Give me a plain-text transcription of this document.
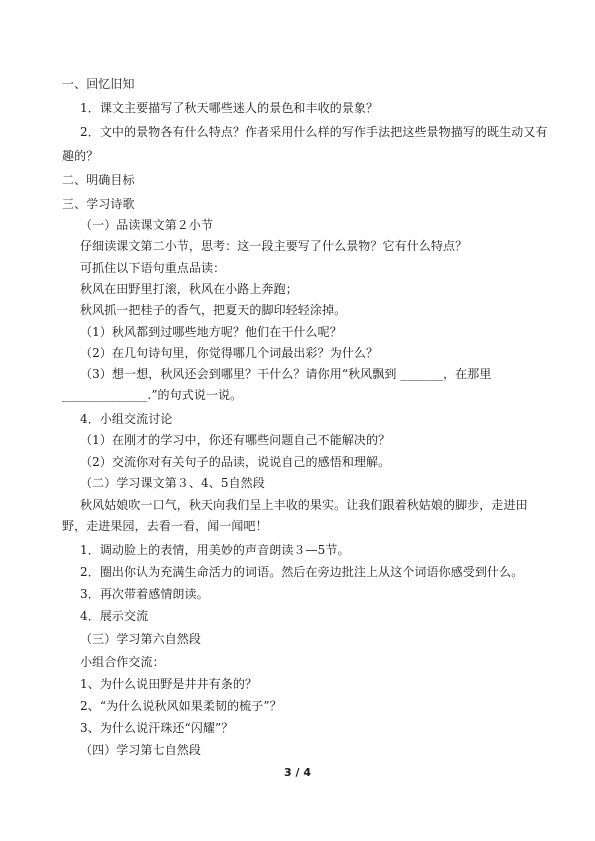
一、回忆旧知
1．课文主要描写了秋天哪些迷人的景色和丰收的景象？
2．文中的景物各有什么特点？作者采用什么样的写作手法把这些景物描写的既生动又有
趣的？
二、明确目标
三、学习诗歌
（一）品读课文第２小节
仔细读课文第二小节，思考：这一段主要写了什么景物？它有什么特点？
可抓住以下语句重点品读：
秋风在田野里打滚，秋风在小路上奔跑；
秋风抓一把桂子的香气，把夏天的脚印轻轻涂掉。
（1）秋风都到过哪些地方呢？他们在干什么呢？
（2）在几句诗句里，你觉得哪几个词最出彩？为什么？
（3）想一想，秋风还会到哪里？干什么？请你用“秋风飘到 _______，在那里
______________.”的句式说一说。
4．小组交流讨论
（1）在刚才的学习中，你还有哪些问题自己不能解决的？
（2）交流你对有关句子的品读，说说自己的感悟和理解。
（二）学习课文第３、4、5自然段
秋风姑娘吹一口气，秋天向我们呈上丰收的果实。让我们跟着秋姑娘的脚步，走进田
野，走进果园，去看一看，闻一闻吧！
1．调动脸上的表情，用美妙的声音朗读３—5节。
2．圈出你认为充满生命活力的词语。然后在旁边批注上从这个词语你感受到什么。
3．再次带着感情朗读。
4．展示交流
（三）学习第六自然段
小组合作交流：
1、为什么说田野是井井有条的？
2、“为什么说秋风如果柔韧的梳子”？
3、为什么说汗珠还“闪耀”？
（四）学习第七自然段
3 / 4
